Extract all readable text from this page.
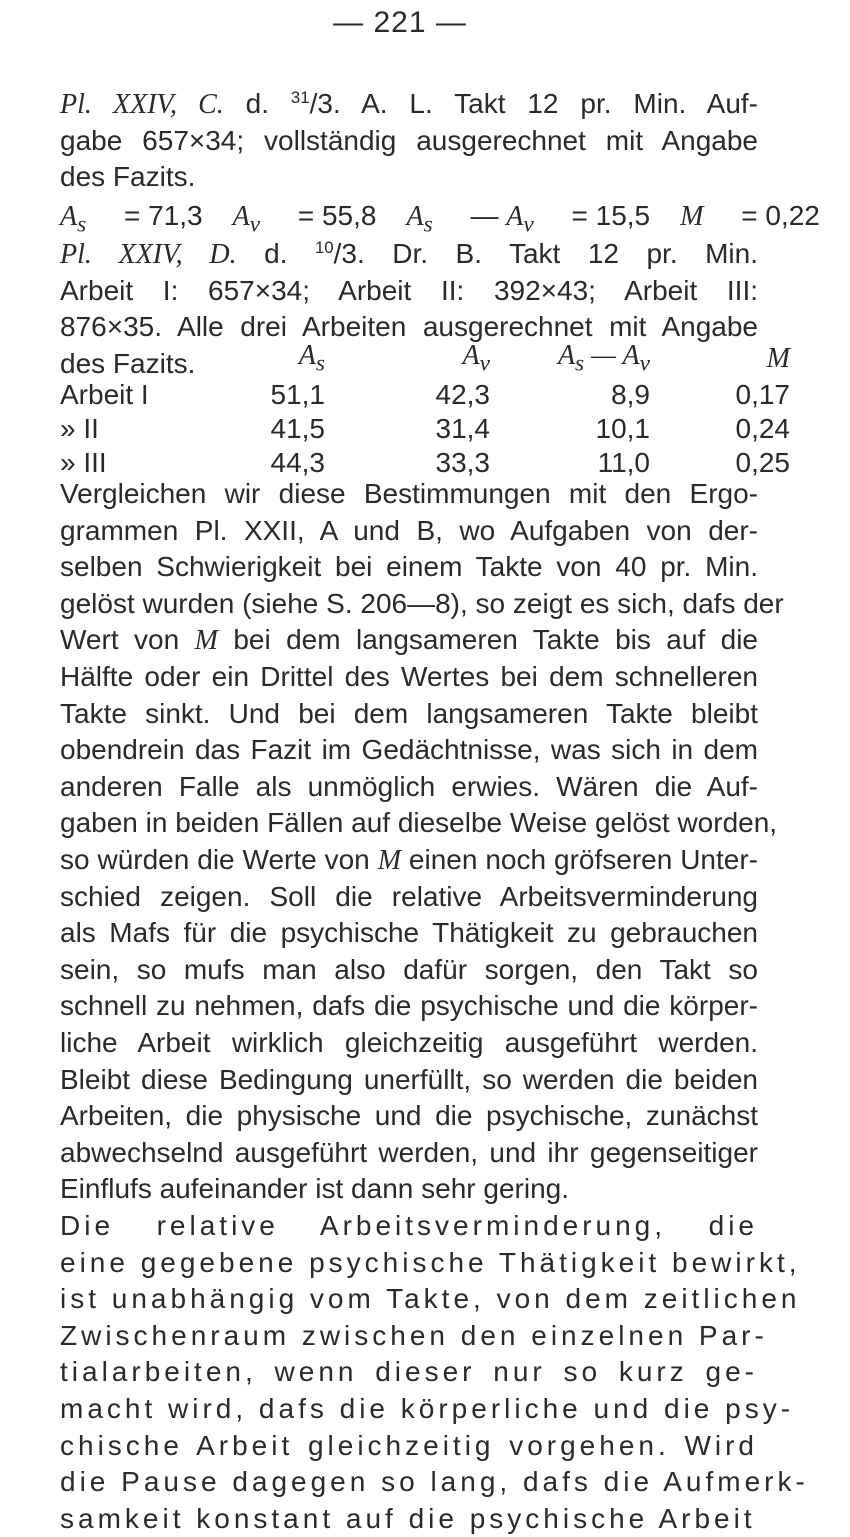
— 221 —
Pl. XXIV, C. d. $^{31}$/3. A. L. Takt 12 pr. Min. Auf-
gabe 657×34; vollständig ausgerechnet mit Angabe
des Fazits.
$A_s = 71,3$ $A_v = 55,8$ $A_s$ — $A_v = 15,5$ M = 0,22
Pl. XXIV, D. d. $^{10}$/3. Dr. B. Takt 12 pr. Min.
Arbeit I: 657×34; Arbeit II: 392×43; Arbeit III:
876×35. Alle drei Arbeiten ausgerechnet mit Angabe
des Fazits.
		$A_s$	$A_v$	$A_s$ — $A_v$	M
Arbeit I	51,1	42,3	8,9	0,17
» II	41,5	31,4	10,1	0,24
» III	44,3	33,3	11,0	0,25
Vergleichen wir diese Bestimmungen mit den Ergo-
grammen Pl. XXII, A und B, wo Aufgaben von der-
selben Schwierigkeit bei einem Takte von 40 pr. Min.
gelöst wurden (siehe S. 206—8), so zeigt es sich, dafs der
Wert von M bei dem langsameren Takte bis auf die
Hälfte oder ein Drittel des Wertes bei dem schnelleren
Takte sinkt. Und bei dem langsameren Takte bleibt
obendrein das Fazit im Gedächtnisse, was sich in dem
anderen Falle als unmöglich erwies. Wären die Auf-
gaben in beiden Fällen auf dieselbe Weise gelöst worden,
so würden die Werte von M einen noch gröfseren Unter-
schied zeigen. Soll die relative Arbeitsverminderung
als Mafs für die psychische Thätigkeit zu gebrauchen
sein, so mufs man also dafür sorgen, den Takt so
schnell zu nehmen, dafs die psychische und die körper-
liche Arbeit wirklich gleichzeitig ausgeführt werden.
Bleibt diese Bedingung unerfüllt, so werden die beiden
Arbeiten, die physische und die psychische, zunächst
abwechselnd ausgeführt werden, und ihr gegenseitiger
Einflufs aufeinander ist dann sehr gering.
Die relative Arbeitsverminderung, die
eine gegebene psychische Thätigkeit bewirkt,
ist unabhängig vom Takte, von dem zeitlichen
Zwischenraum zwischen den einzelnen Par-
tialarbeiten, wenn dieser nur so kurz ge-
macht wird, dafs die körperliche und die psy-
chische Arbeit gleichzeitig vorgehen. Wird
die Pause dagegen so lang, dafs die Aufmerk-
samkeit konstant auf die psychische Arbeit
